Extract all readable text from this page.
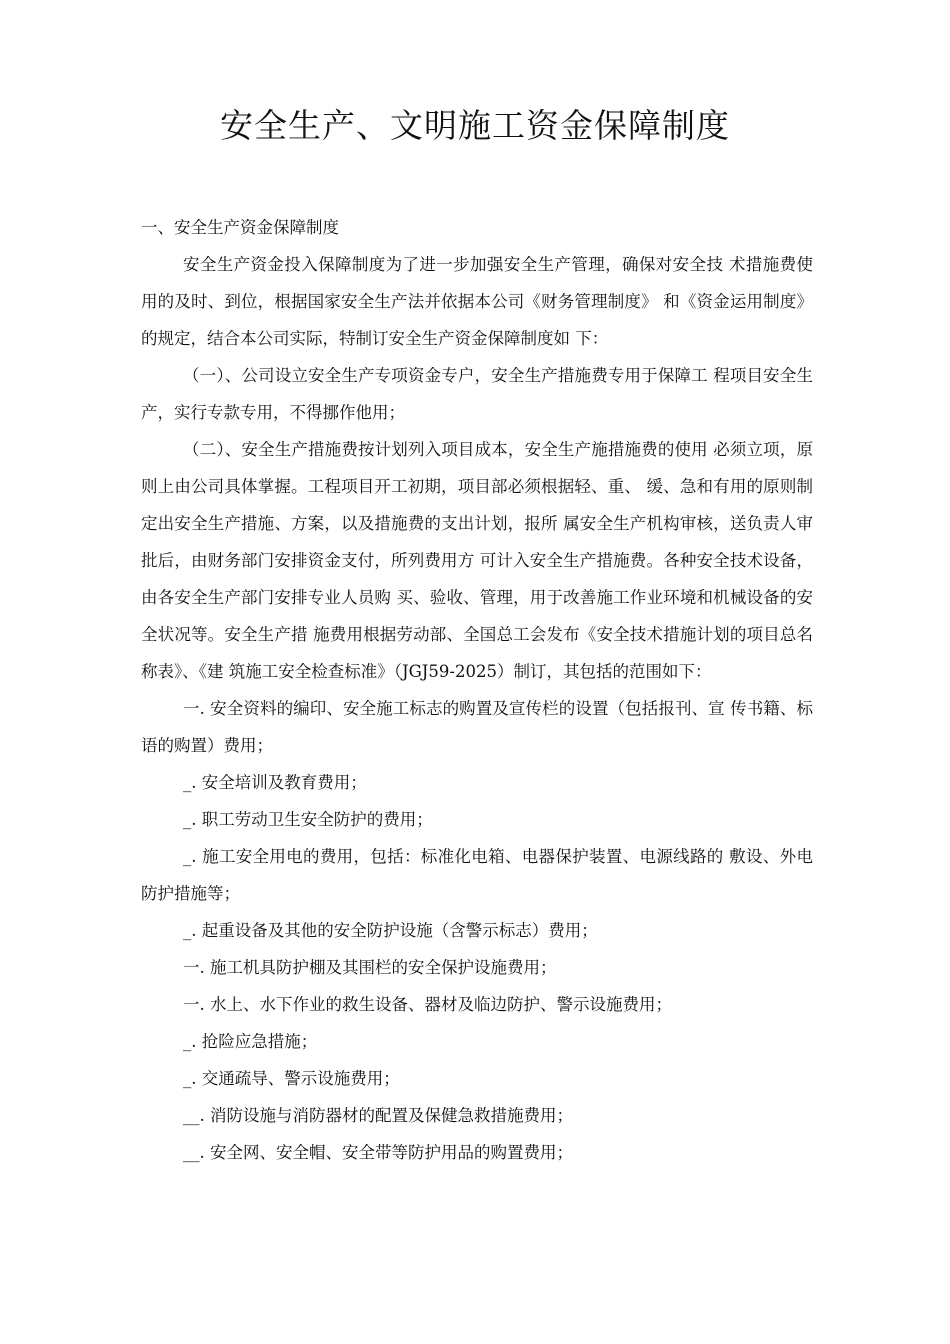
安全生产、文明施工资金保障制度

一、安全生产资金保障制度

安全生产资金投入保障制度为了进一步加强安全生产管理，确保对安全技 术措施费使用的及时、到位，根据国家安全生产法并依据本公司《财务管理制度》 和《资金运用制度》的规定，结合本公司实际，特制订安全生产资金保障制度如 下：

（一）、公司设立安全生产专项资金专户，安全生产措施费专用于保障工 程项目安全生产，实行专款专用，不得挪作他用；

（二）、安全生产措施费按计划列入项目成本，安全生产施措施费的使用 必须立项，原则上由公司具体掌握。工程项目开工初期，项目部必须根据轻、重、 缓、急和有用的原则制定出安全生产措施、方案，以及措施费的支出计划，报所 属安全生产机构审核，送负责人审批后，由财务部门安排资金支付，所列费用方 可计入安全生产措施费。各种安全技术设备，由各安全生产部门安排专业人员购 买、验收、管理，用于改善施工作业环境和机械设备的安全状况等。安全生产措 施费用根据劳动部、全国总工会发布《安全技术措施计划的项目总名称表》、《建 筑施工安全检查标准》（JGJ59-2025）制订，其包括的范围如下：

一. 安全资料的编印、安全施工标志的购置及宣传栏的设置（包括报刊、宣 传书籍、标语的购置）费用；

_. 安全培训及教育费用；

_. 职工劳动卫生安全防护的费用；

_. 施工安全用电的费用，包括：标准化电箱、电器保护装置、电源线路的 敷设、外电防护措施等；

_. 起重设备及其他的安全防护设施（含警示标志）费用；

一. 施工机具防护棚及其围栏的安全保护设施费用；

一. 水上、水下作业的救生设备、器材及临边防护、警示设施费用；

_. 抢险应急措施；

_. 交通疏导、警示设施费用；

__. 消防设施与消防器材的配置及保健急救措施费用；

__. 安全网、安全帽、安全带等防护用品的购置费用；
